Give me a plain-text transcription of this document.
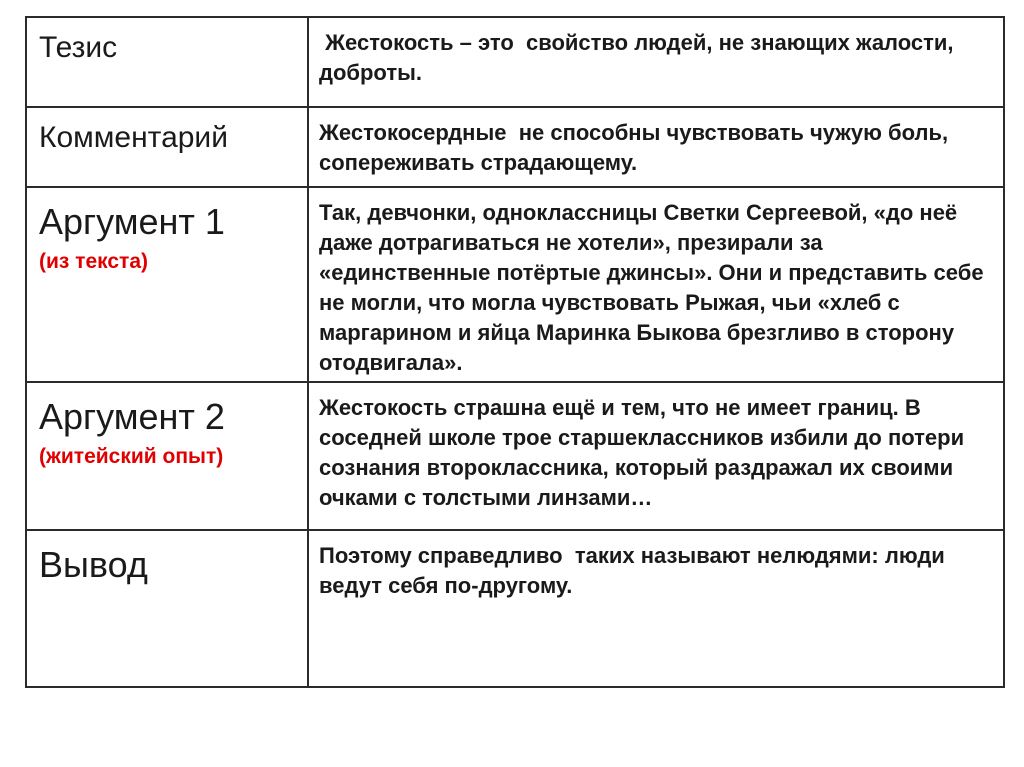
Тезис	Жестокость – это  свойство людей, не знающих жалости, доброты.

Комментарий	Жестокосердные  не способны чувствовать чужую боль, сопереживать страдающему.

Аргумент 1
(из текста)	Так, девчонки, одноклассницы Светки Сергеевой, «до неё даже дотрагиваться не хотели», презирали за «единственные потёртые джинсы». Они и представить себе не могли, что могла чувствовать Рыжая, чьи «хлеб с маргарином и яйца Маринка Быкова брезгливо в сторону отодвигала».

Аргумент 2
(житейский опыт)	Жестокость страшна ещё и тем, что не имеет границ. В соседней школе трое старшеклассников избили до потери сознания второклассника, который раздражал их своими очками с толстыми линзами…

Вывод	Поэтому справедливо  таких называют нелюдями: люди ведут себя по-другому.
